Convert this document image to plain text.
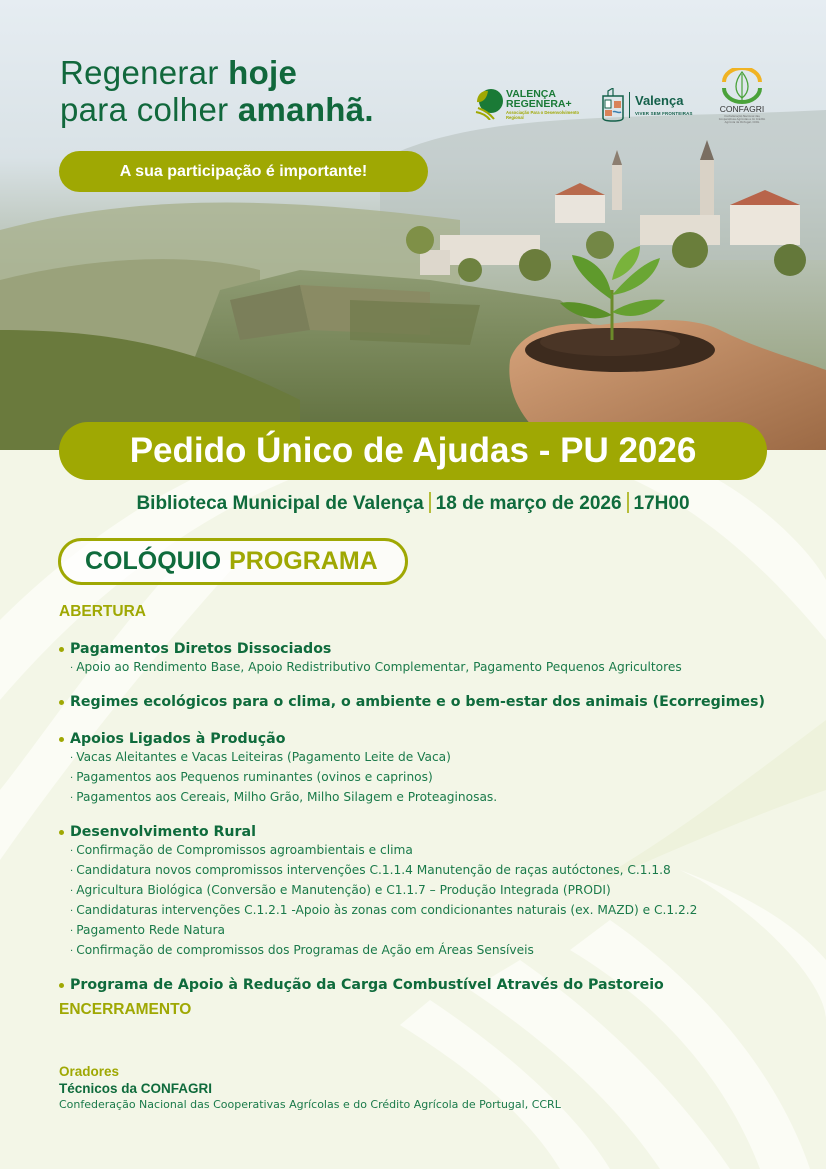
Regenerar hoje
para colher amanhã.
A sua participação é importante!
VALENÇA
REGENERA+
Associação Para o Desenvolvimento Regional
Valença
VIVER SEM FRONTEIRAS	CONFAGRI
Confederação Nacional das Cooperativas Agrícolas e do Crédito Agrícola de Portugal, CCRL
Pedido Único de Ajudas - PU 2026
Biblioteca Municipal de Valença 18 de março de 2026 17H00
COLÓQUIO PROGRAMA
ABERTURA
Pagamentos Diretos Dissociados
· Apoio ao Rendimento Base, Apoio Redistributivo Complementar, Pagamento Pequenos Agricultores
Regimes ecológicos para o clima, o ambiente e o bem-estar dos animais (Ecorregimes)
Apoios Ligados à Produção
· Vacas Aleitantes e Vacas Leiteiras (Pagamento Leite de Vaca)
· Pagamentos aos Pequenos ruminantes (ovinos e caprinos)
· Pagamentos aos Cereais, Milho Grão, Milho Silagem e Proteaginosas.
Desenvolvimento Rural
· Confirmação de Compromissos agroambientais e clima
· Candidatura novos compromissos intervenções C.1.1.4 Manutenção de raças autóctones, C.1.1.8
· Agricultura Biológica (Conversão e Manutenção) e C1.1.7 – Produção Integrada (PRODI)
· Candidaturas intervenções C.1.2.1 -Apoio às zonas com condicionantes naturais (ex. MAZD) e C.1.2.2
· Pagamento Rede Natura
· Confirmação de compromissos dos Programas de Ação em Áreas Sensíveis
Programa de Apoio à Redução da Carga Combustível Através do Pastoreio
ENCERRAMENTO
Oradores
Técnicos da CONFAGRI
Confederação Nacional das Cooperativas Agrícolas e do Crédito Agrícola de Portugal, CCRL
